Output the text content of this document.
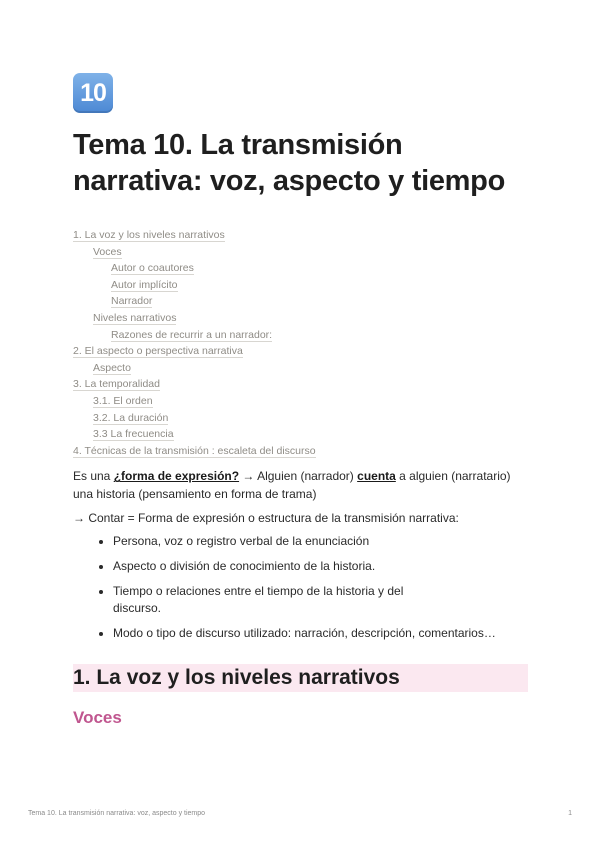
10
Tema 10. La transmisión narrativa: voz, aspecto y tiempo
1. La voz y los niveles narrativos
Voces
Autor o coautores
Autor implícito
Narrador
Niveles narrativos
Razones de recurrir a un narrador:
2. El aspecto o perspectiva narrativa
Aspecto
3. La temporalidad
3.1. El orden
3.2. La duración
3.3 La frecuencia
4. Técnicas de la transmisión : escaleta del discurso

Es una ¿forma de expresión? → Alguien (narrador) cuenta a alguien (narratario) una historia (pensamiento en forma de trama)

→ Contar = Forma de expresión o estructura de la transmisión narrativa:

• Persona, voz o registro verbal de la enunciación
• Aspecto o división de conocimiento de la historia.
• Tiempo o relaciones entre el tiempo de la historia y del discurso.
• Modo o tipo de discurso utilizado: narración, descripción, comentarios…
1. La voz y los niveles narrativos
Voces
Tema 10. La transmisión narrativa: voz, aspecto y tiempo	1
